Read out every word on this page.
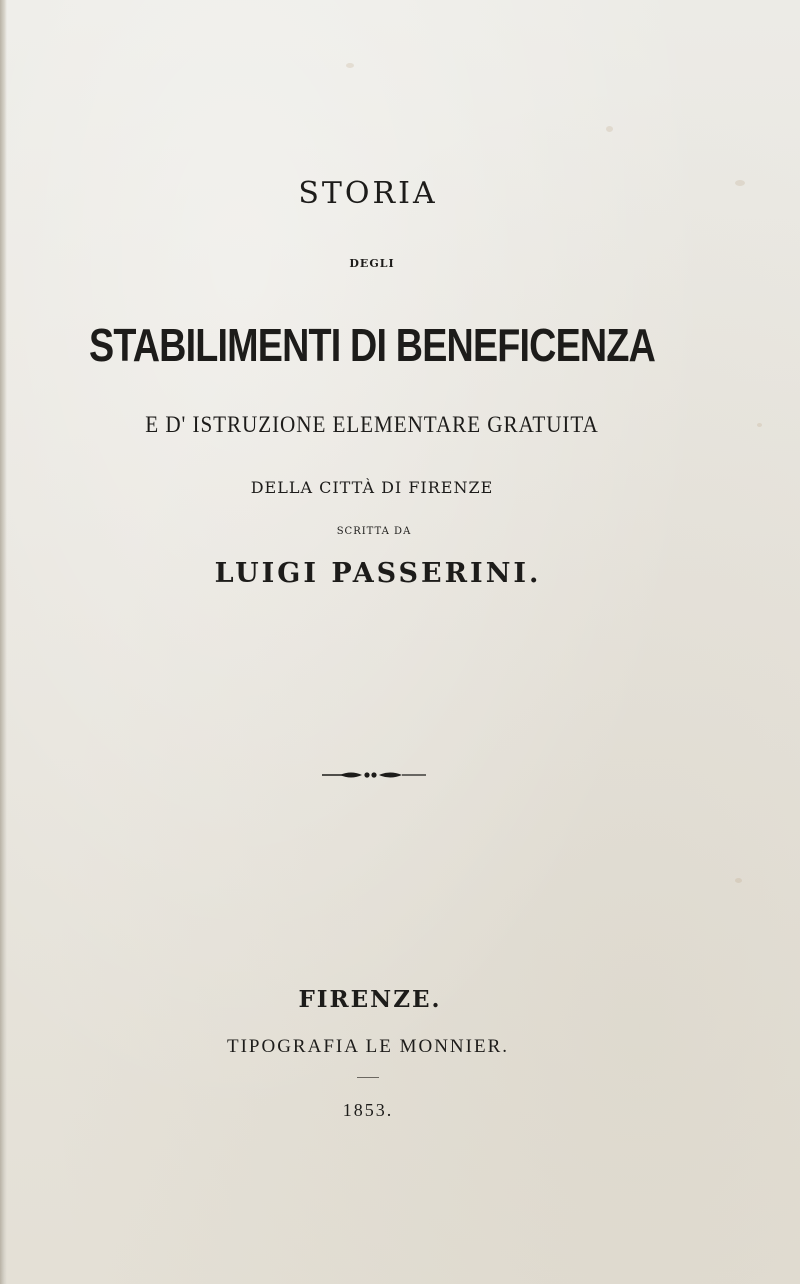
STORIA
DEGLI
STABILIMENTI DI BENEFICENZA
E D' ISTRUZIONE ELEMENTARE GRATUITA
DELLA CITTÀ DI FIRENZE
SCRITTA DA
LUIGI PASSERINI.
FIRENZE.
TIPOGRAFIA LE MONNIER.
1853.
